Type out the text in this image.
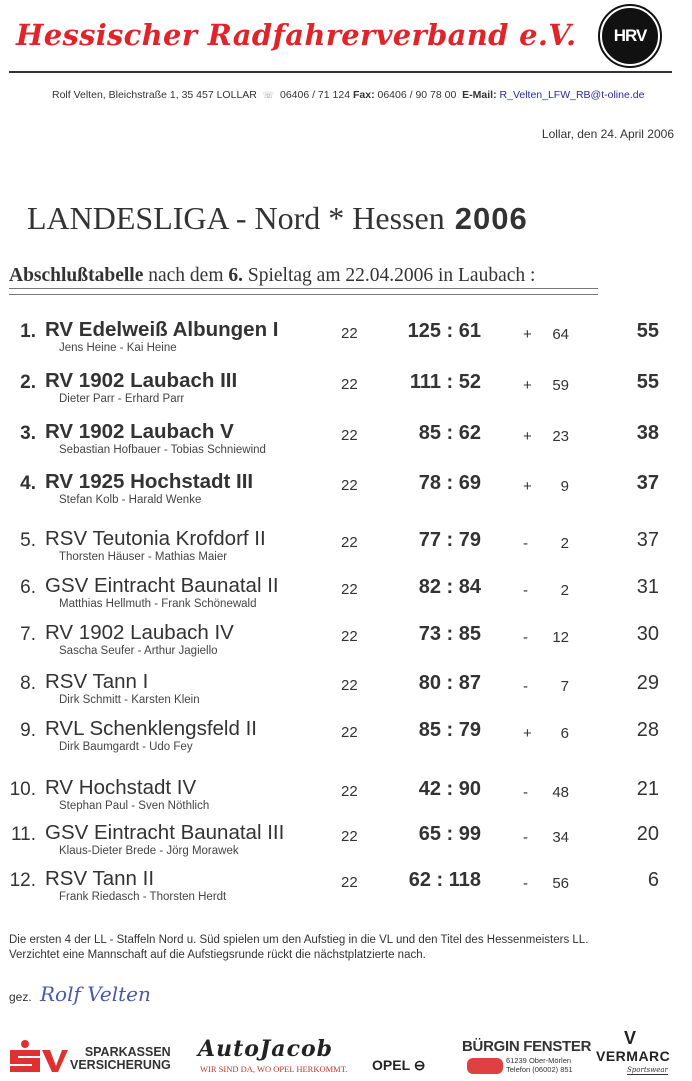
Hessischer Radfahrerverband e.V. HRV
Rolf Velten, Bleichstraße 1, 35 457 LOLLAR ☏ 06406 / 71 124 Fax: 06406 / 90 78 00 E-Mail: R_Velten_LFW_RB@t-oline.de
Lollar, den 24. April 2006
LANDESLIGA - Nord * Hessen 2006
Abschlußtabelle nach dem 6. Spieltag am 22.04.2006 in Laubach :
1. RV Edelweiß Albungen I
Jens Heine - Kai Heine
22 125 : 61	+ 64	55
2. RV 1902 Laubach III
Dieter Parr - Erhard Parr
22	111 : 52	+ 59	55
3. RV 1902 Laubach V
Sebastian Hofbauer - Tobias Schniewind
22	85 : 62	+ 23	38
4. RV 1925 Hochstadt III
Stefan Kolb - Harald Wenke
22	78 : 69	+ 9	37
5. RSV Teutonia Krofdorf II
Thorsten Häuser - Mathias Maier
22	77 : 79	- 2	37
6. GSV Eintracht Baunatal II
Matthias Hellmuth - Frank Schönewald
22	82 : 84	- 2	31
7. RV 1902 Laubach IV
Sascha Seufer - Arthur Jagiello
22	73 : 85	- 12	30
8. RSV Tann I
Dirk Schmitt - Karsten Klein
22	80 : 87	- 7	29
9. RVL Schenklengsfeld II
Dirk Baumgardt - Udo Fey
22	85 : 79	+ 6	28
10. RV Hochstadt IV
Stephan Paul - Sven Nöthlich
22	42 : 90	- 48	21
11. GSV Eintracht Baunatal III
Klaus-Dieter Brede - Jörg Morawek
22	65 : 99	- 34	20
12. RSV Tann II
Frank Riedasch - Thorsten Herdt
22	62 : 118	- 56	6
Die ersten 4 der LL - Staffeln Nord u. Süd spielen um den Aufstieg in die VL und den Titel des Hessenmeisters LL.
Verzichtet eine Mannschaft auf die Aufstiegsrunde rückt die nächstplatzierte nach.
gez. Rolf Velten
SPARKASSEN
VERSICHERUNG
AutoJacob
WIR SIND DA, WO OPEL HERKOMMT. OPEL ⊖
BÜRGIN FENSTER
61239 Ober-Mörlen
Telefon (06002) 851
V
VERMARC
Sportswear
